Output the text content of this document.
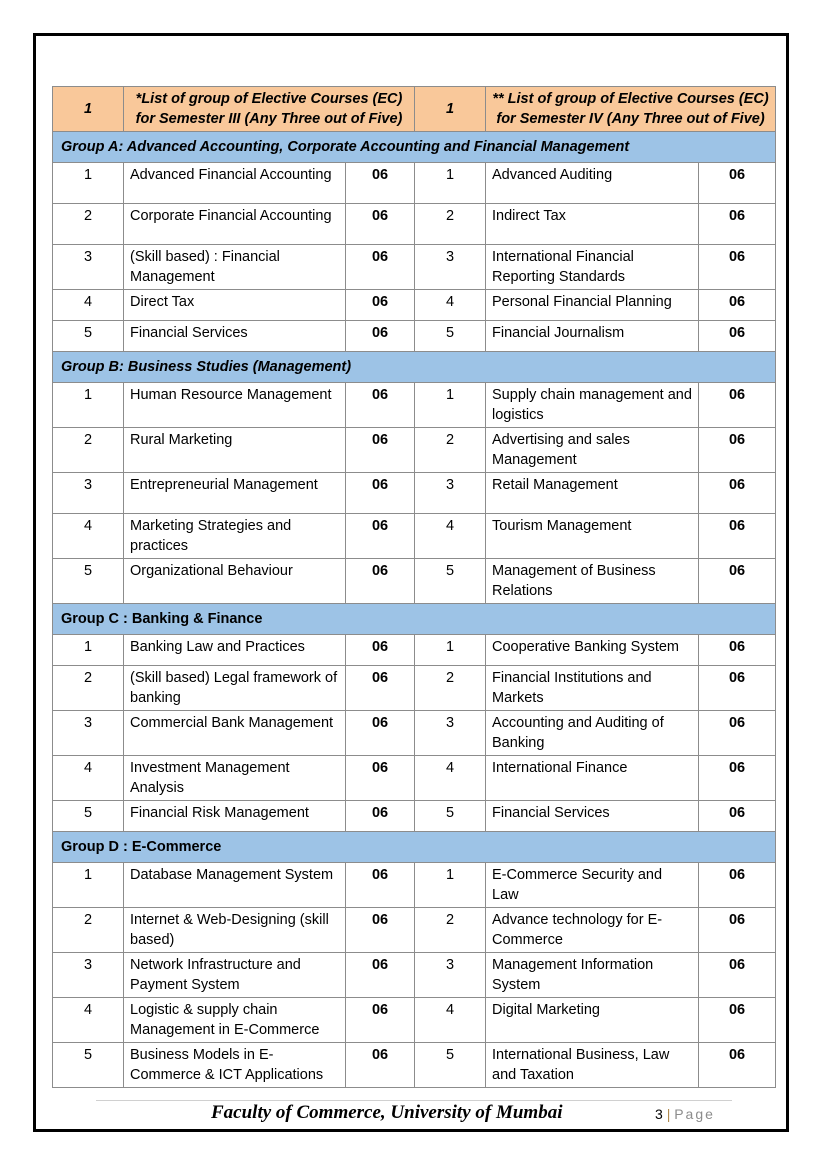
1	*List of group of Elective Courses (EC) for Semester III (Any Three out of Five)		1	** List of group of Elective Courses (EC) for Semester IV (Any Three out of Five)	
Group A: Advanced Accounting, Corporate Accounting and Financial Management					
1	Advanced Financial Accounting	06	1	Advanced Auditing	06
2	Corporate Financial Accounting	06	2	Indirect Tax	06
3	(Skill based) : Financial Management	06	3	International Financial Reporting Standards	06
4	Direct Tax	06	4	Personal Financial Planning	06
5	Financial Services	06	5	Financial Journalism	06
Group B: Business Studies (Management)					
1	Human Resource Management	06	1	Supply chain management and logistics	06
2	Rural Marketing	06	2	Advertising and sales Management	06
3	Entrepreneurial Management	06	3	Retail Management	06
4	Marketing Strategies and practices	06	4	Tourism Management	06
5	Organizational Behaviour	06	5	Management of Business Relations	06
Group C : Banking & Finance					
1	Banking Law and Practices	06	1	Cooperative Banking System	06
2	(Skill based) Legal framework of banking	06	2	Financial Institutions and Markets	06
3	Commercial Bank Management	06	3	Accounting and Auditing of Banking	06
4	Investment Management Analysis	06	4	International Finance	06
5	Financial Risk Management	06	5	Financial Services	06
Group D : E-Commerce					
1	Database Management System	06	1	E-Commerce Security and Law	06
2	Internet & Web-Designing (skill based)	06	2	Advance technology for E-Commerce	06
3	Network Infrastructure and Payment System	06	3	Management Information System	06
4	Logistic & supply chain Management in E-Commerce	06	4	Digital Marketing	06
5	Business Models in E-Commerce & ICT Applications	06	5	International Business, Law and Taxation	06
Faculty of Commerce, University of Mumbai	3 | Page
